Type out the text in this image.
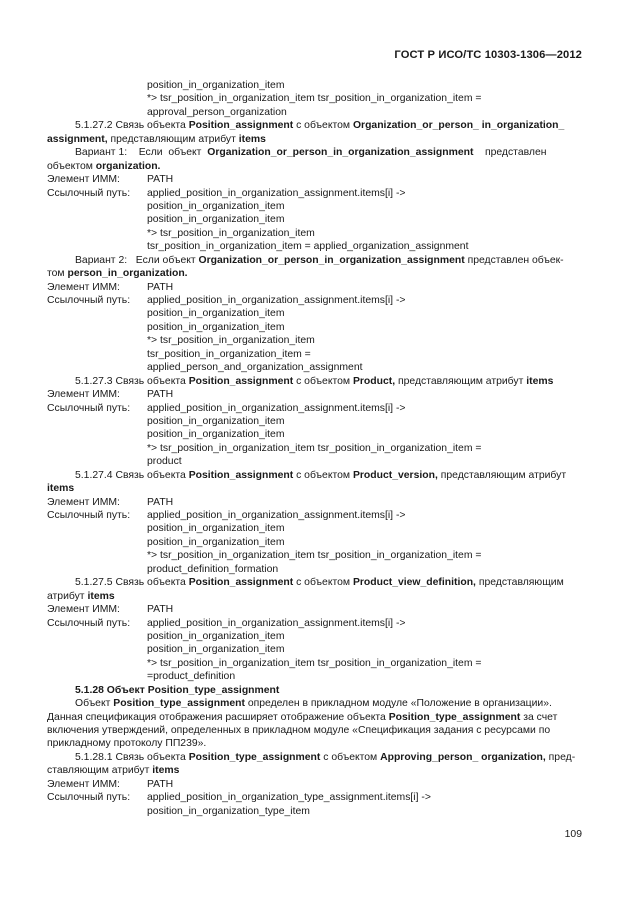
ГОСТ Р ИСО/ТС 10303-1306—2012
position_in_organization_item
*> tsr_position_in_organization_item tsr_position_in_organization_item =
approval_person_organization
5.1.27.2 Связь объекта Position_assignment с объектом Organization_or_person_ in_organization_
assignment, представляющим атрибут items
Вариант 1: Если объект Organization_or_person_in_organization_assignment представлен
объектом organization.
Элемент ИММ:	PATH
Ссылочный путь: applied_position_in_organization_assignment.items[i] ->
position_in_organization_item
position_in_organization_item
*> tsr_position_in_organization_item
tsr_position_in_organization_item = applied_organization_assignment
Вариант 2: Если объект Organization_or_person_in_organization_assignment представлен объек-
том person_in_organization.
Элемент ИММ:	PATH
Ссылочный путь: applied_position_in_organization_assignment.items[i] ->
position_in_organization_item
position_in_organization_item
*> tsr_position_in_organization_item
tsr_position_in_organization_item =
applied_person_and_organization_assignment
5.1.27.3 Связь объекта Position_assignment с объектом Product, представляющим атрибут items
Элемент ИММ:	PATH
Ссылочный путь: applied_position_in_organization_assignment.items[i] ->
position_in_organization_item
position_in_organization_item
*> tsr_position_in_organization_item tsr_position_in_organization_item =
product
5.1.27.4 Связь объекта Position_assignment с объектом Product_version, представляющим атрибут
items
Элемент ИММ:	PATH
Ссылочный путь: applied_position_in_organization_assignment.items[i] ->
position_in_organization_item
position_in_organization_item
*> tsr_position_in_organization_item tsr_position_in_organization_item =
product_definition_formation
5.1.27.5 Связь объекта Position_assignment с объектом Product_view_definition, представляющим
атрибут items
Элемент ИММ:	PATH
Ссылочный путь: applied_position_in_organization_assignment.items[i] ->
position_in_organization_item
position_in_organization_item
*> tsr_position_in_organization_item tsr_position_in_organization_item =
=product_definition
5.1.28 Объект Position_type_assignment
Объект Position_type_assignment определен в прикладном модуле «Положение в организации».
Данная спецификация отображения расширяет отображение объекта Position_type_assignment за счет
включения утверждений, определенных в прикладном модуле «Спецификация задания с ресурсами по
прикладному протоколу ПП239».
5.1.28.1 Связь объекта Position_type_assignment с объектом Approving_person_ organization, пред-
ставляющим атрибут items
Элемент ИММ:	PATH
Ссылочный путь: applied_position_in_organization_type_assignment.items[i] ->
position_in_organization_type_item
109
